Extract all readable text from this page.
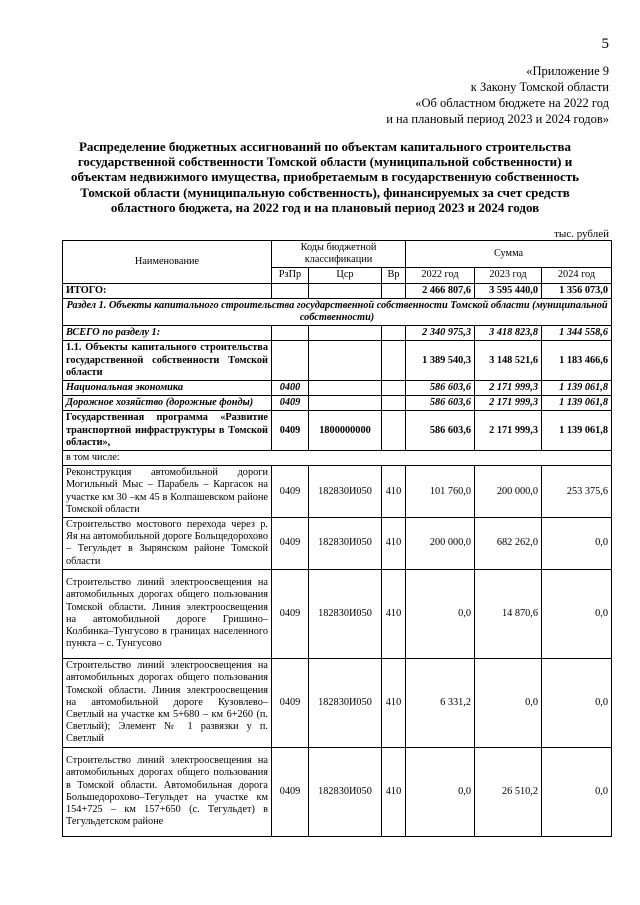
5
«Приложение 9
к Закону Томской области
«Об областном бюджете на 2022 год
и на плановый период 2023 и 2024 годов»
Распределение бюджетных ассигнований по объектам капитального строительства государственной собственности Томской области (муниципальной собственности) и объектам недвижимого имущества, приобретаемым в государственную собственность Томской области (муниципальную собственность), финансируемых за счет средств областного бюджета, на 2022 год и на плановый период 2023 и 2024 годов
тыс. рублей
Наименование	Коды бюджетной классификации			Сумма		
	РзПр	Цср	Вр	2022 год	2023 год	2024 год
ИТОГО:				2 466 807,6	3 595 440,0	1 356 073,0
Раздел 1. Объекты капитального строительства государственной собственности Томской области (муниципальной собственности)						
ВСЕГО по разделу 1:				2 340 975,3	3 418 823,8	1 344 558,6
1.1. Объекты капитального строительства государственной собственности Томской области				1 389 540,3	3 148 521,6	1 183 466,6
Национальная экономика	0400			586 603,6	2 171 999,3	1 139 061,8
Дорожное хозяйство (дорожные фонды)	0409			586 603,6	2 171 999,3	1 139 061,8
Государственная программа «Развитие транспортной инфраструктуры в Томской области»,	0409	1800000000		586 603,6	2 171 999,3	1 139 061,8
в том числе:						
Реконструкция автомобильной дороги Могильный Мыс – Парабель – Каргасок на участке км 30 –км 45 в Колпашевском районе Томской области	0409	182830И050	410	101 760,0	200 000,0	253 375,6
Строительство мостового перехода через р. Яя на автомобильной дороге Больщедорохово – Тегульдет в Зырянском районе Томской области	0409	182830И050	410	200 000,0	682 262,0	0,0
Строительство линий электроосвещения на автомобильных дорогах общего пользования Томской области. Линия электроосвещения на автомобильной дороге Гришино–Колбинка–Тунгусово в границах населенного пункта – с. Тунгусово	0409	182830И050	410	0,0	14 870,6	0,0
Строительство линий электроосвещения на автомобильных дорогах общего пользования Томской области. Линия электроосвещения на автомобильной дороге Кузовлево–Светлый на участке км 5+680 – км 6+260 (п. Светлый); Элемент № 1 развязки у п. Светлый	0409	182830И050	410	6 331,2	0,0	0,0
Строительство линий электроосвещения на автомобильных дорогах общего пользования в Томской области. Автомобильная дорога Большедорохово–Тегульдет на участке км 154+725 – км 157+650 (с. Тегульдет) в Тегульдетском районе	0409	182830И050	410	0,0	26 510,2	0,0
